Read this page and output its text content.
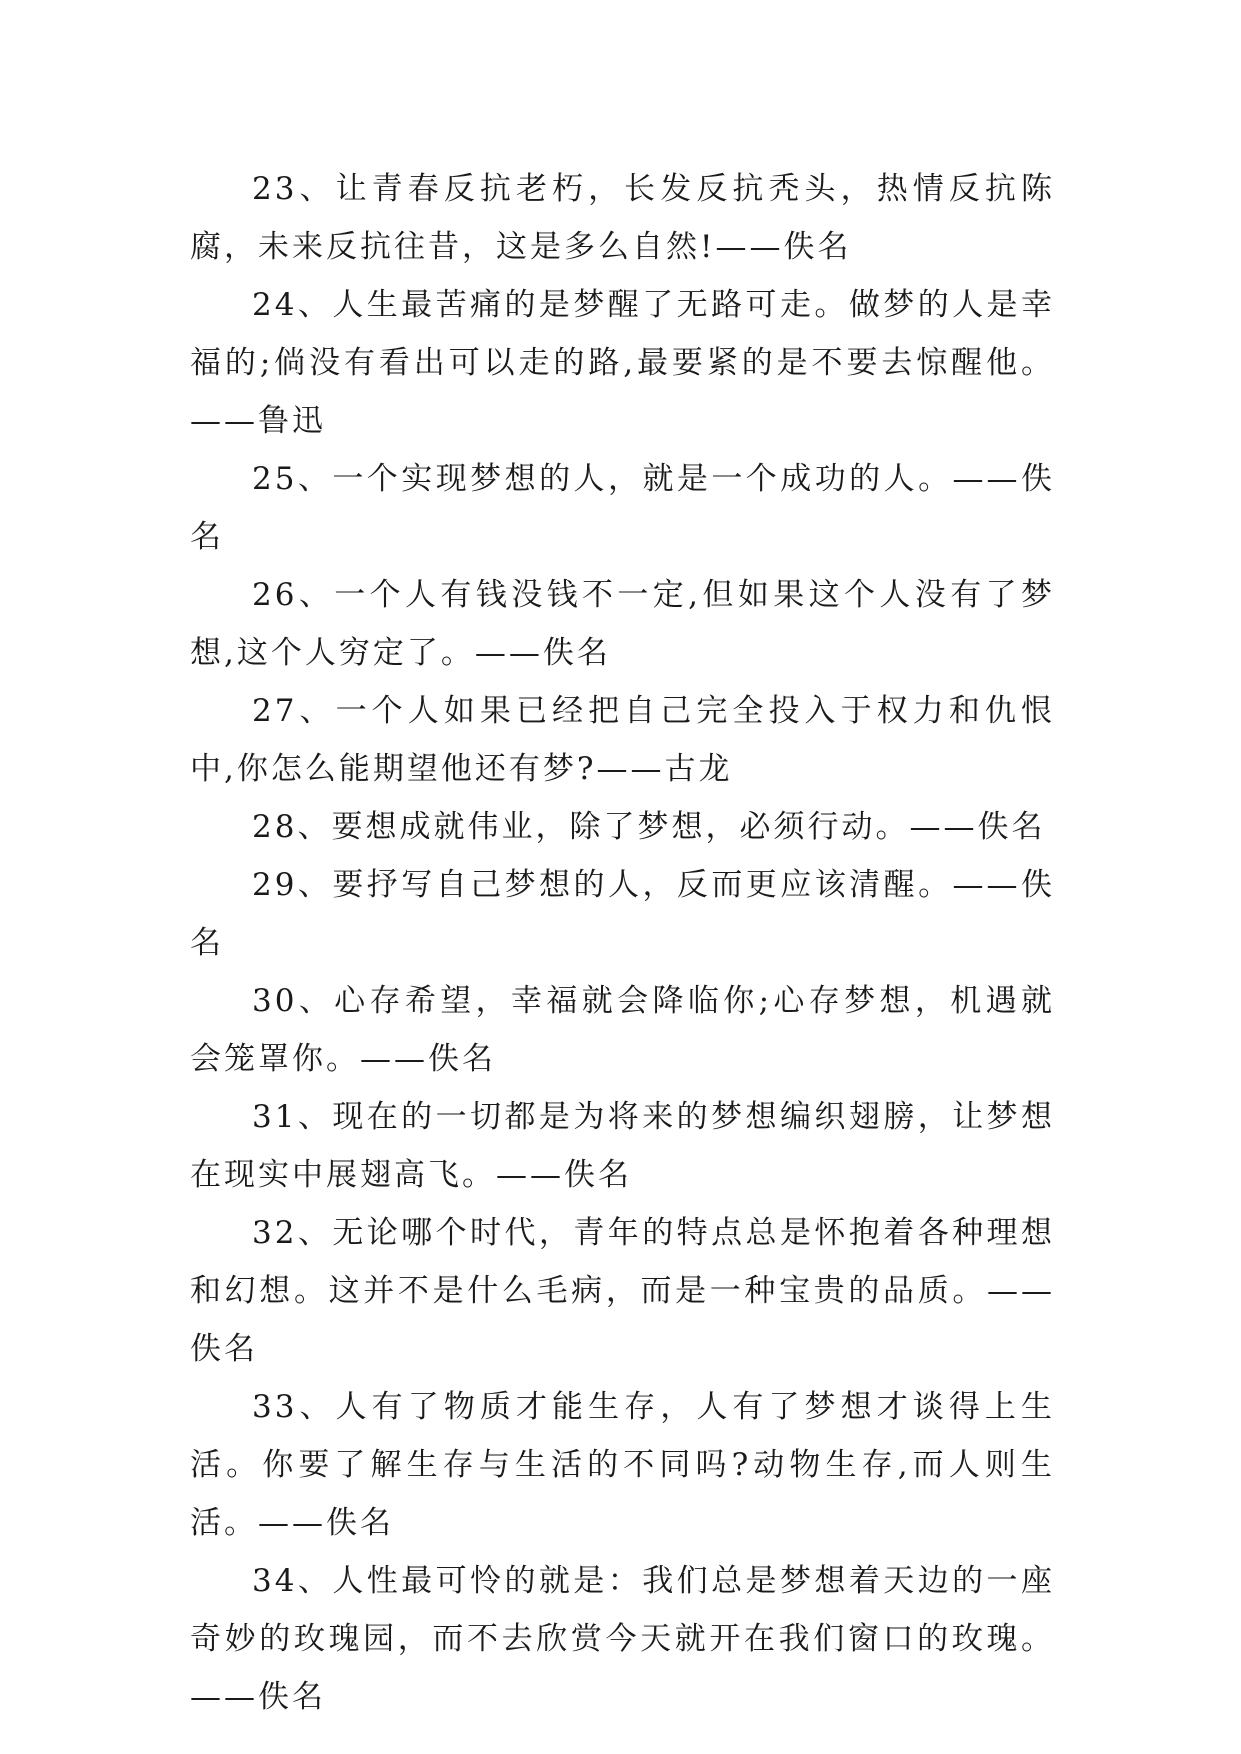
23、让青春反抗老朽，长发反抗秃头，热情反抗陈腐，未来反抗往昔，这是多么自然!——佚名

24、人生最苦痛的是梦醒了无路可走。做梦的人是幸福的;倘没有看出可以走的路,最要紧的是不要去惊醒他。——鲁迅

25、一个实现梦想的人，就是一个成功的人。——佚名

26、一个人有钱没钱不一定,但如果这个人没有了梦想,这个人穷定了。——佚名

27、一个人如果已经把自己完全投入于权力和仇恨中,你怎么能期望他还有梦?——古龙

28、要想成就伟业，除了梦想，必须行动。——佚名

29、要抒写自己梦想的人，反而更应该清醒。——佚名

30、心存希望，幸福就会降临你;心存梦想，机遇就会笼罩你。——佚名

31、现在的一切都是为将来的梦想编织翅膀，让梦想在现实中展翅高飞。——佚名

32、无论哪个时代，青年的特点总是怀抱着各种理想和幻想。这并不是什么毛病，而是一种宝贵的品质。——佚名

33、人有了物质才能生存，人有了梦想才谈得上生活。你要了解生存与生活的不同吗?动物生存,而人则生活。——佚名

34、人性最可怜的就是：我们总是梦想着天边的一座奇妙的玫瑰园，而不去欣赏今天就开在我们窗口的玫瑰。——佚名
